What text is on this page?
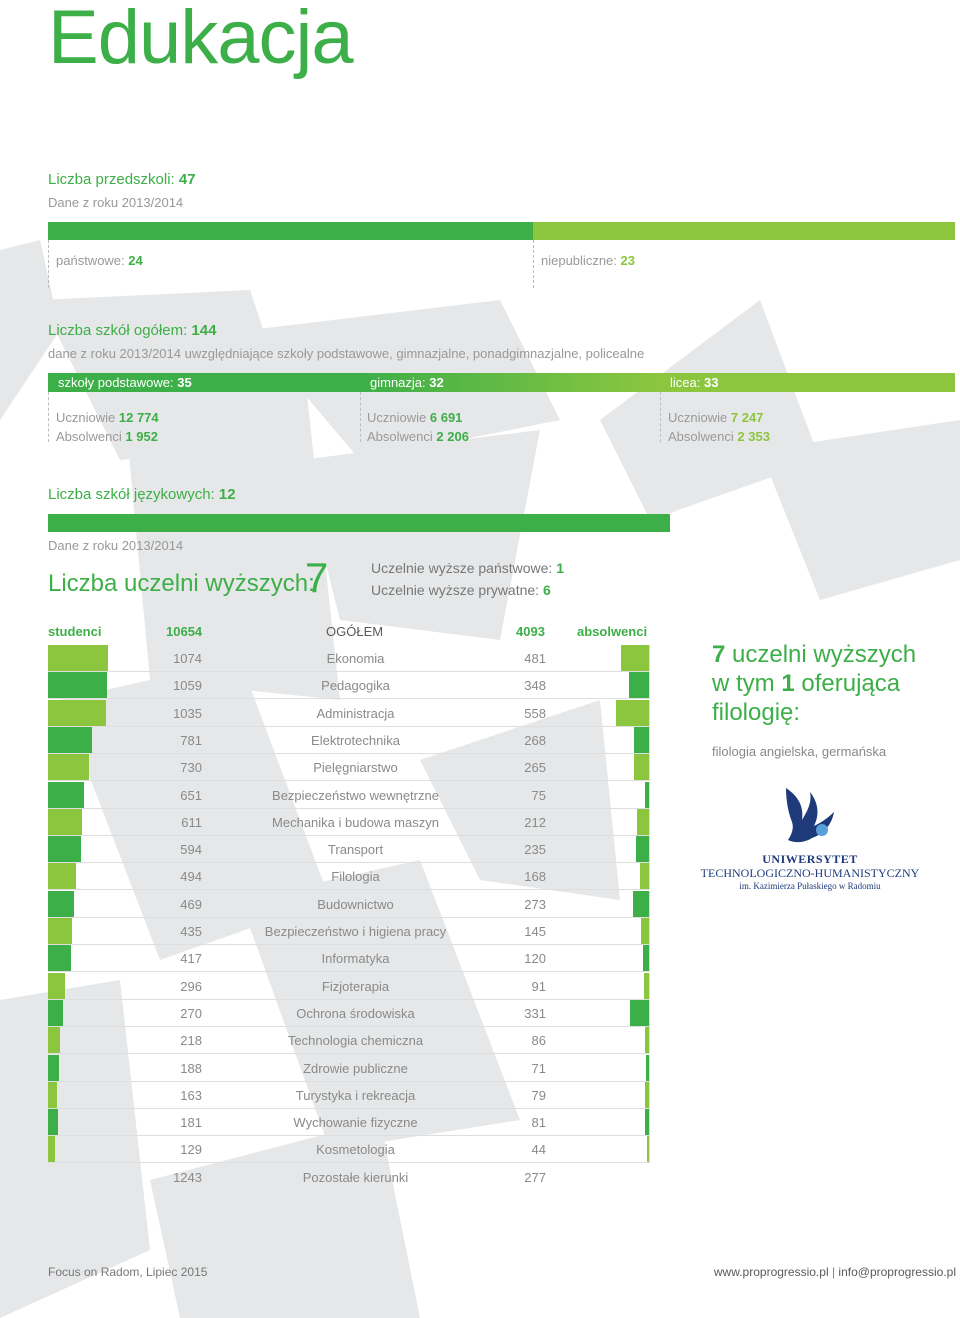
Edukacja
Liczba przedszkoli: 47
Dane z roku 2013/2014
państwowe: 24	niepubliczne: 23
Liczba szkół ogółem: 144
dane z roku 2013/2014 uwzględniające szkoły podstawowe, gimnazjalne, ponadgimnazjalne, policealne
szkoły podstawowe: 35	gimnazja: 32	licea: 33
Uczniowie 12 774
Absolwenci 1 952
Uczniowie 6 691
Absolwenci 2 206
Uczniowie 7 247
Absolwenci 2 353
Liczba szkół językowych: 12
Dane z roku 2013/2014
Liczba uczelni wyższych:
7	Uczelnie wyższe państwowe: 1
Uczelnie wyższe prywatne: 6
studenci	10654	OGÓŁEM	4093 absolwenci
1074	Ekonomia	481
1059	Pedagogika	348
1035	Administracja	558
781	Elektrotechnika	268
730	Pielęgniarstwo	265
651	Bezpieczeństwo wewnętrzne	75
611	Mechanika i budowa maszyn	212
594	Transport	235
494	Filologia	168
469	Budownictwo	273
435	Bezpieczeństwo i higiena pracy	145
417	Informatyka	120
296	Fizjoterapia	91
270	Ochrona środowiska	331
218	Technologia chemiczna	86
188	Zdrowie publiczne	71
163	Turystyka i rekreacja	79
181	Wychowanie fizyczne	81
129	Kosmetologia	44
1243	Pozostałe kierunki	277
7 uczelni wyższych
w tym 1 oferująca
filologię:
filologia angielska, germańska
UNIWERSYTET
TECHNOLOGICZNO-HUMANISTYCZNY
im. Kazimierza Pułaskiego w Radomiu
Focus on Radom, Lipiec 2015	www.proprogressio.pl | info@proprogressio.pl
